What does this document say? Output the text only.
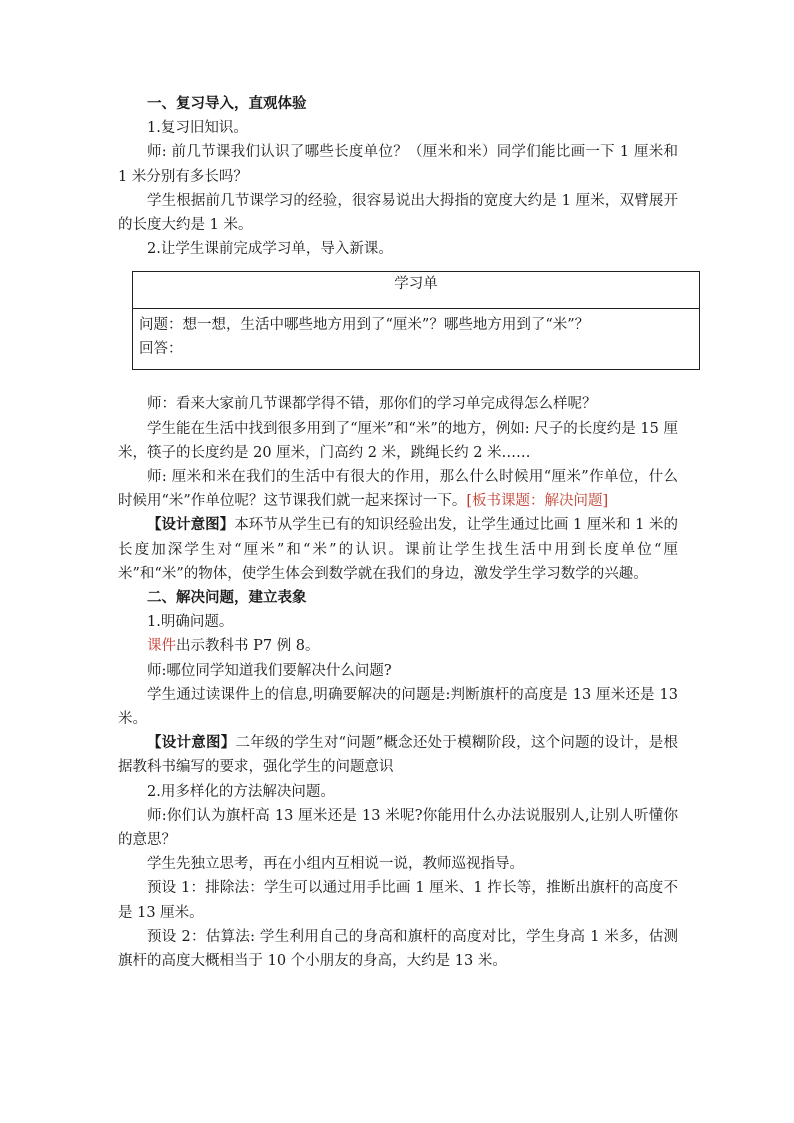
一、复习导入，直观体验

1.复习旧知识。

师: 前几节课我们认识了哪些长度单位？（厘米和米）同学们能比画一下 1 厘米和 1 米分别有多长吗？

学生根据前几节课学习的经验，很容易说出大拇指的宽度大约是 1 厘米，双臂展开的长度大约是 1 米。

2.让学生课前完成学习单，导入新课。

学习单

问题：想一想，生活中哪些地方用到了“厘米”？哪些地方用到了“米”？

回答：

师：看来大家前几节课都学得不错，那你们的学习单完成得怎么样呢？

学生能在生活中找到很多用到了“厘米”和“米”的地方，例如: 尺子的长度约是 15 厘米，筷子的长度约是 20 厘米，门高约 2 米，跳绳长约 2 米……

师: 厘米和米在我们的生活中有很大的作用，那么什么时候用“厘米”作单位，什么时候用“米”作单位呢？这节课我们就一起来探讨一下。[板书课题：解决问题]

【设计意图】本环节从学生已有的知识经验出发，让学生通过比画 1 厘米和 1 米的长度加深学生对“厘米”和“米”的认识。课前让学生找生活中用到长度单位“厘米”和“米”的物体，使学生体会到数学就在我们的身边，激发学生学习数学的兴趣。

二、解决问题，建立表象

1.明确问题。

课件出示教科书 P7 例 8。

师:哪位同学知道我们要解决什么问题?

学生通过读课件上的信息,明确要解决的问题是:判断旗杆的高度是 13 厘米还是 13 米。

【设计意图】二年级的学生对“问题”概念还处于模糊阶段，这个问题的设计，是根据教科书编写的要求，强化学生的问题意识

2.用多样化的方法解决问题。

师:你们认为旗杆高 13 厘米还是 13 米呢?你能用什么办法说服别人,让别人听懂你的意思？

学生先独立思考，再在小组内互相说一说，教师巡视指导。

预设 1：排除法：学生可以通过用手比画 1 厘米、1 拃长等，推断出旗杆的高度不是 13 厘米。

预设 2：估算法: 学生利用自己的身高和旗杆的高度对比，学生身高 1 米多，估测旗杆的高度大概相当于 10 个小朋友的身高，大约是 13 米。
